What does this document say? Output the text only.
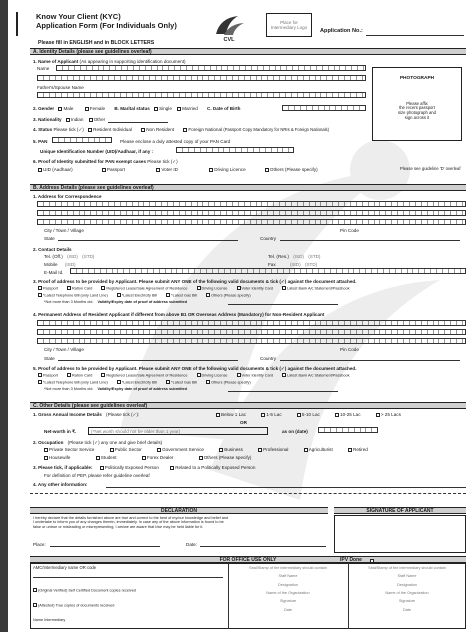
Know Your Client (KYC)
Application Form (For Individuals Only)
CVL
Place for Intermediary Logo
Application No.:
Please fill in ENGLISH and in BLOCK LETTERS
A. Identity Details (please see guidelines overleaf)
1. Name of Applicant (As appearing in supporting identification document)
Name
Father's/Spouse Name
PHOTOGRAPH
Please affix
the recent passport
size photograph and
sign across it
2. Gender Male	Female B. Marital status Single Married C. Date of Birth
3. Nationality Indian Other
4. Status Please tick (✓) Resident Individual	Non Resident	Foreign National (Passport Copy Mandatory for NRIs & Foreign Nationals)
5. PAN	Please enclose a duly attested copy of your PAN Card
Unique Identification Number (UID)/Aadhaar, if any :
6. Proof of Identity submitted for PAN exempt cases Please tick (✓)
UID (Aadhaar)	Passport	Voter ID	Driving Licence	Others (Please specify)	Please see guideline 'D' overleaf
B. Address Details (please see guidelines overleaf)
1. Address for Correspondence
City / Town / Village	Pin Code
State	Country
2. Contact Details
Tel. (Off.) (ISD) (STD)	Tel. (Res.) (ISD) (STD)
Mobile (ISD)	Fax	(ISD) (STD)
E-Mail Id.
3. Proof of address to be provided by Applicant. Please submit ANY ONE of the following valid documents & tick (✓) against the document attached.
Passport	Ration Card	Registered Lease/Sale Agreement of Residence	Driving License	Voter Identity Card	Latest Bank A/c Statement/Passbook
*Latest Telephone Bill (only Land Line)	*Latest Electricity Bill	*Latest Gas Bill	Others (Please specify)
*Not more than 3 Months old. Validity/Expiry date of proof of address submitted
4. Permanent Address of Resident Applicant if different from above B1 OR Overseas Address (Mandatory) for Non-Resident Applicant
City / Town / Village	Pin Code
State	Country
5. Proof of address to be provided by Applicant. Please submit ANY ONE of the following valid documents & tick (✓) against the document attached.
Passport	Ration Card	Registered Lease/Sale Agreement of Residence	Driving License	Voter Identity Card	Latest Bank A/c Statement/Passbook
*Latest Telephone Bill (only Land Line)	*Latest Electricity Bill	*Latest Gas Bill	Others (Please specify)
*Not more than 3 Months old. Validity/Expiry date of proof of address submitted
C. Other Details (please see guidelines overleaf)
1. Gross Annual Income Details (Please tick (✓):	Below 1 Lac	1-5 Lac	5-10 Lac	10-25 Lac	> 25 Lacs
OR
Net-worth in ₹.	(*Net worth should not be older than 1 year)	as on (date)
2. Occupation (Please tick (✓) any one and give brief details)
Private Sector Service	Public Sector	Government Service	Business	Professional	Agriculturist	Retired
Housewife	Student	Forex Dealer	Others (Please specify)
3. Please tick, if applicable:	Politically Exposed Person	Related to a Politically Exposed Person
For definition of PEP, please refer guideline overleaf
4. Any other information:
DECLARATION	SIGNATURE OF APPLICANT
I hereby declare that the details furnished above are true and correct to the best of my/our knowledge and belief and
I undertake to inform you of any changes therein, immediately. In case any of the above information is found to be
false or untrue or misleading or misrepresenting, I am/we are aware that I/we may be held liable for it.
Place:	Date:
FOR OFFICE USE ONLY	IPV Done
AMC/Intermediary name OR code
(Original Verified) Self Certified Document copies received
(Attested) True copies of documents received
Name Intermediary
Seal/Stamp of the intermediary should contain
Staff Name
Designation
Name of the Organization
Signature
Date
Seal/Stamp of the intermediary should contain
Staff Name
Designation
Name of the Organization
Signature
Date
